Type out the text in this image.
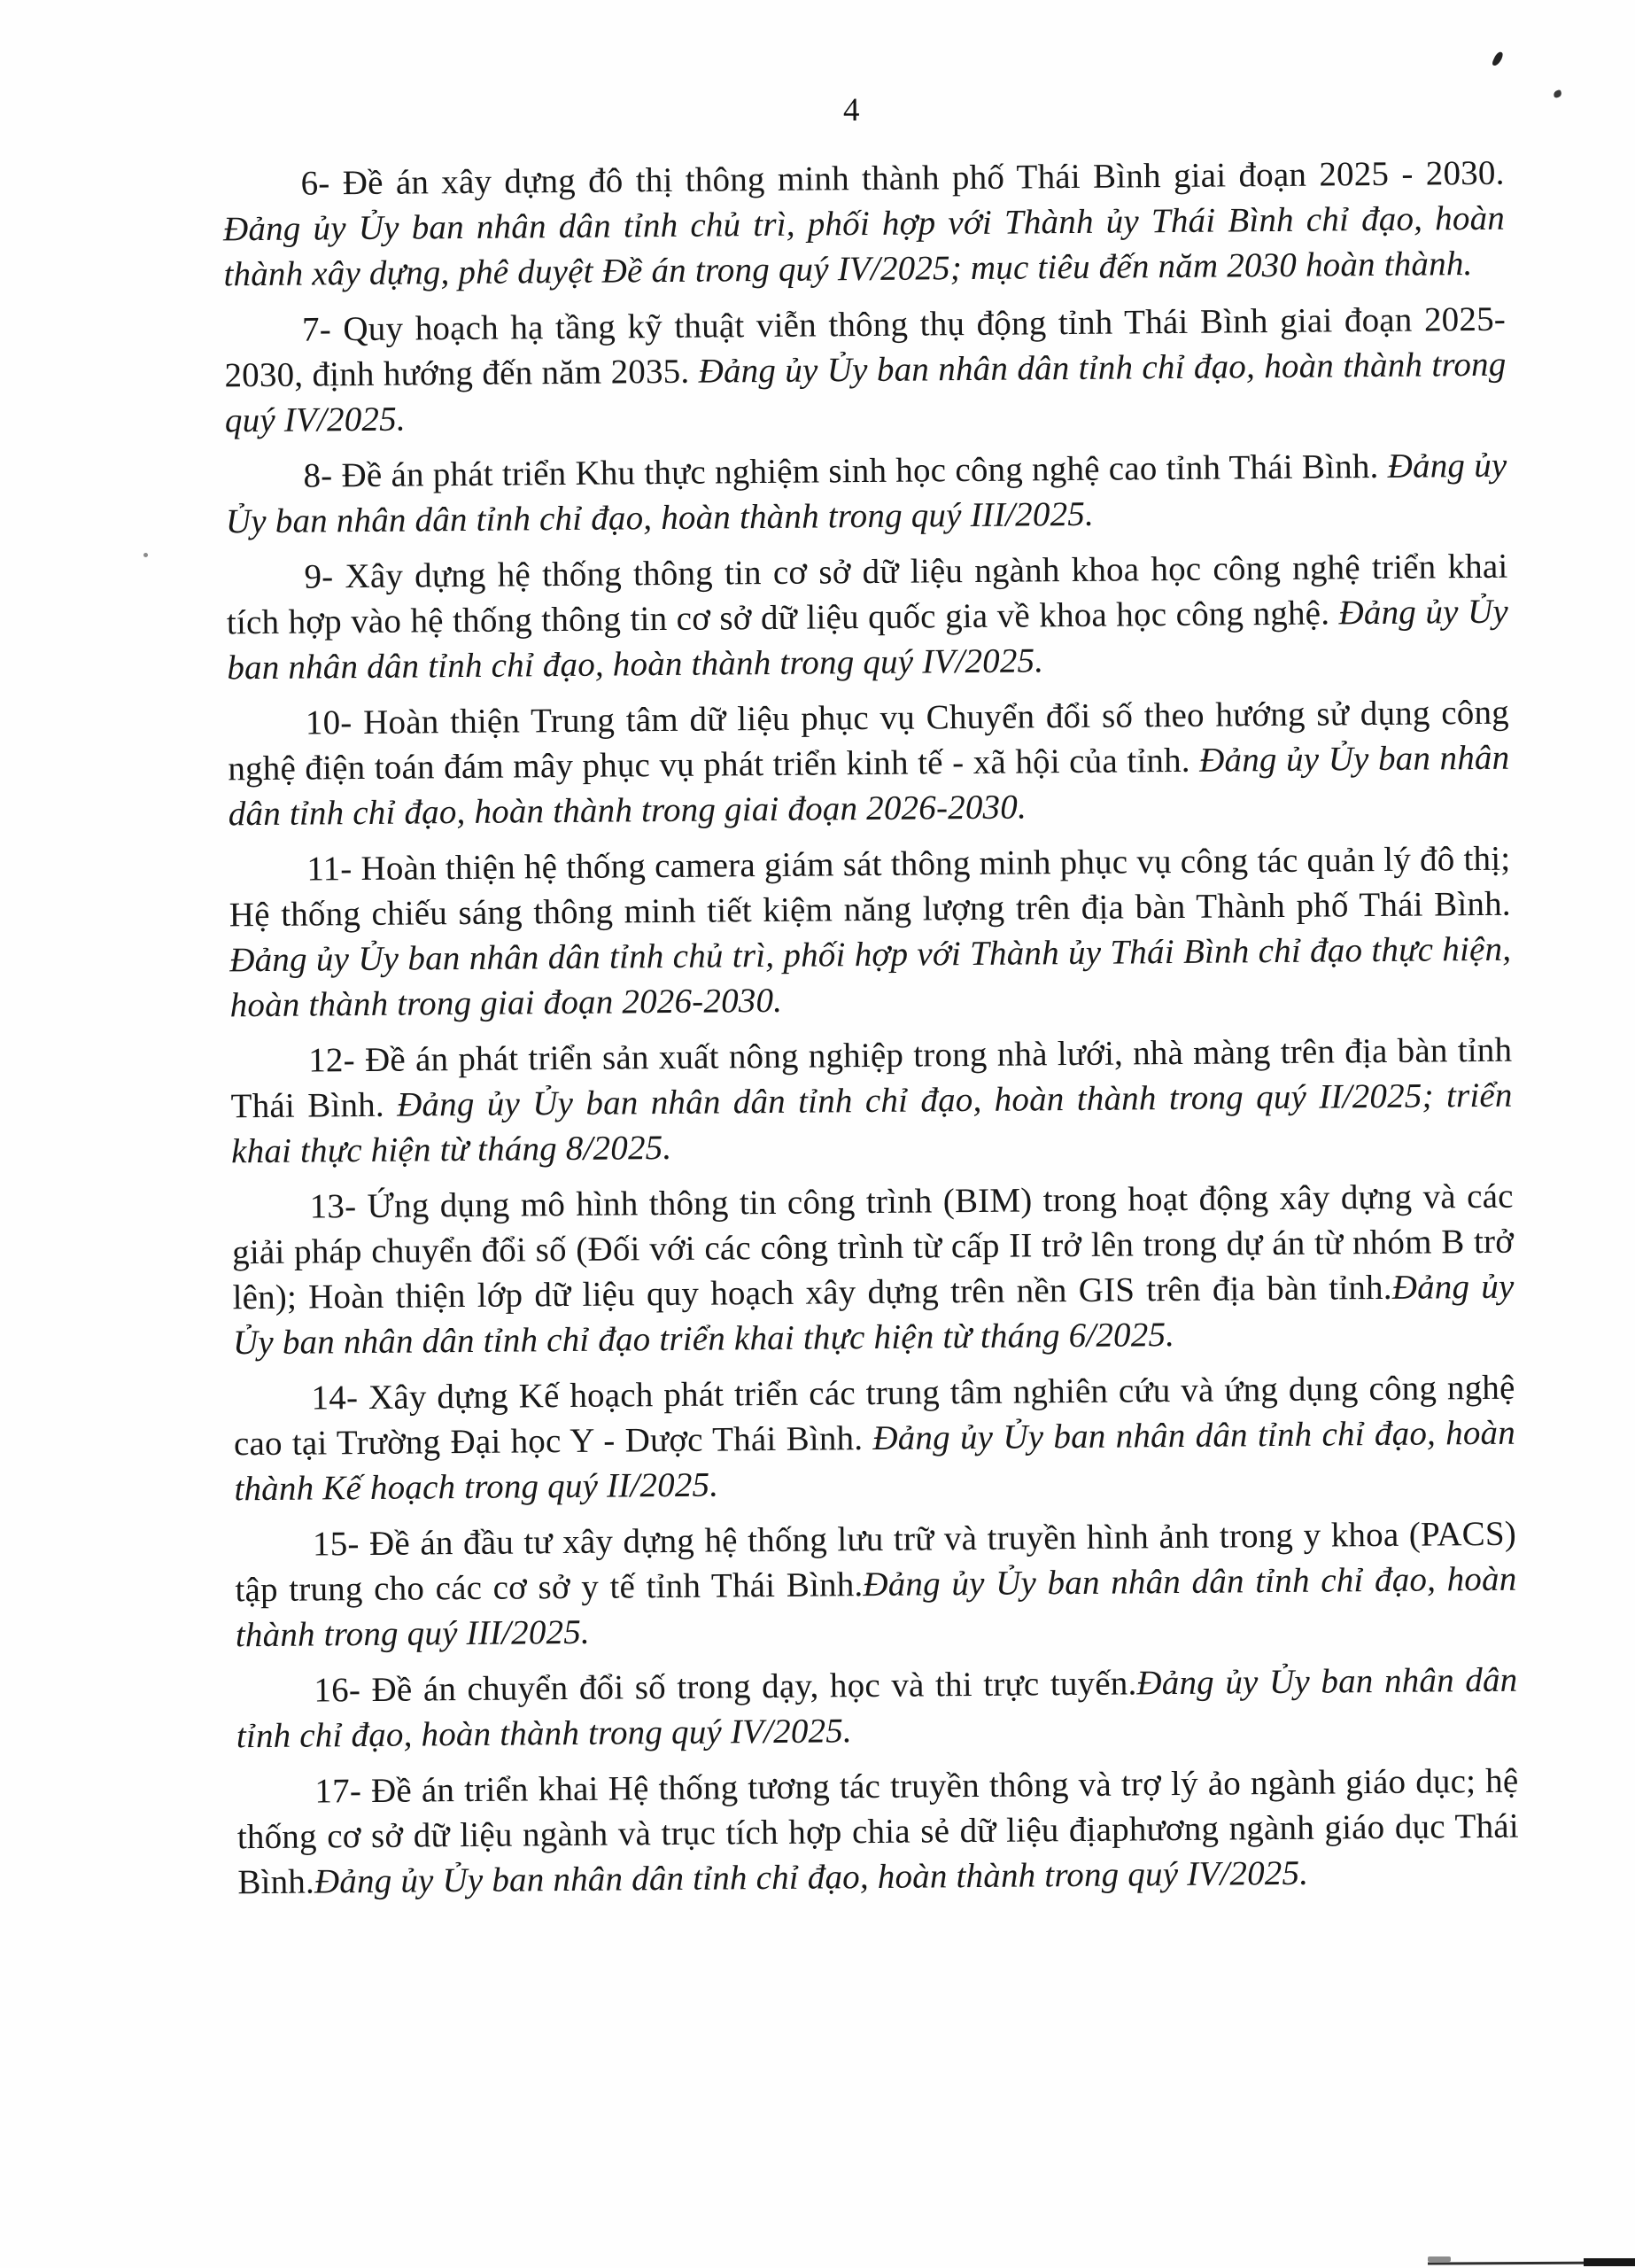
4

6- Đề án xây dựng đô thị thông minh thành phố Thái Bình giai đoạn 2025 - 2030. Đảng ủy Ủy ban nhân dân tỉnh chủ trì, phối hợp với Thành ủy Thái Bình chỉ đạo, hoàn thành xây dựng, phê duyệt Đề án trong quý IV/2025; mục tiêu đến năm 2030 hoàn thành.

7- Quy hoạch hạ tầng kỹ thuật viễn thông thụ động tỉnh Thái Bình giai đoạn 2025-2030, định hướng đến năm 2035. Đảng ủy Ủy ban nhân dân tỉnh chỉ đạo, hoàn thành trong quý IV/2025.

8- Đề án phát triển Khu thực nghiệm sinh học công nghệ cao tỉnh Thái Bình. Đảng ủy Ủy ban nhân dân tỉnh chỉ đạo, hoàn thành trong quý III/2025.

9- Xây dựng hệ thống thông tin cơ sở dữ liệu ngành khoa học công nghệ triển khai tích hợp vào hệ thống thông tin cơ sở dữ liệu quốc gia về khoa học công nghệ. Đảng ủy Ủy ban nhân dân tỉnh chỉ đạo, hoàn thành trong quý IV/2025.

10- Hoàn thiện Trung tâm dữ liệu phục vụ Chuyển đổi số theo hướng sử dụng công nghệ điện toán đám mây phục vụ phát triển kinh tế - xã hội của tỉnh. Đảng ủy Ủy ban nhân dân tỉnh chỉ đạo, hoàn thành trong giai đoạn 2026-2030.

11- Hoàn thiện hệ thống camera giám sát thông minh phục vụ công tác quản lý đô thị; Hệ thống chiếu sáng thông minh tiết kiệm năng lượng trên địa bàn Thành phố Thái Bình. Đảng ủy Ủy ban nhân dân tỉnh chủ trì, phối hợp với Thành ủy Thái Bình chỉ đạo thực hiện, hoàn thành trong giai đoạn 2026-2030.

12- Đề án phát triển sản xuất nông nghiệp trong nhà lưới, nhà màng trên địa bàn tỉnh Thái Bình. Đảng ủy Ủy ban nhân dân tỉnh chỉ đạo, hoàn thành trong quý II/2025; triển khai thực hiện từ tháng 8/2025.

13- Ứng dụng mô hình thông tin công trình (BIM) trong hoạt động xây dựng và các giải pháp chuyển đổi số (Đối với các công trình từ cấp II trở lên trong dự án từ nhóm B trở lên); Hoàn thiện lớp dữ liệu quy hoạch xây dựng trên nền GIS trên địa bàn tỉnh.Đảng ủy Ủy ban nhân dân tỉnh chỉ đạo triển khai thực hiện từ tháng 6/2025.

14- Xây dựng Kế hoạch phát triển các trung tâm nghiên cứu và ứng dụng công nghệ cao tại Trường Đại học Y - Dược Thái Bình. Đảng ủy Ủy ban nhân dân tỉnh chỉ đạo, hoàn thành Kế hoạch trong quý II/2025.

15- Đề án đầu tư xây dựng hệ thống lưu trữ và truyền hình ảnh trong y khoa (PACS) tập trung cho các cơ sở y tế tỉnh Thái Bình.Đảng ủy Ủy ban nhân dân tỉnh chỉ đạo, hoàn thành trong quý III/2025.

16- Đề án chuyển đổi số trong dạy, học và thi trực tuyến.Đảng ủy Ủy ban nhân dân tỉnh chỉ đạo, hoàn thành trong quý IV/2025.

17- Đề án triển khai Hệ thống tương tác truyền thông và trợ lý ảo ngành giáo dục; hệ thống cơ sở dữ liệu ngành và trục tích hợp chia sẻ dữ liệu địaphương ngành giáo dục Thái Bình.Đảng ủy Ủy ban nhân dân tỉnh chỉ đạo, hoàn thành trong quý IV/2025.
